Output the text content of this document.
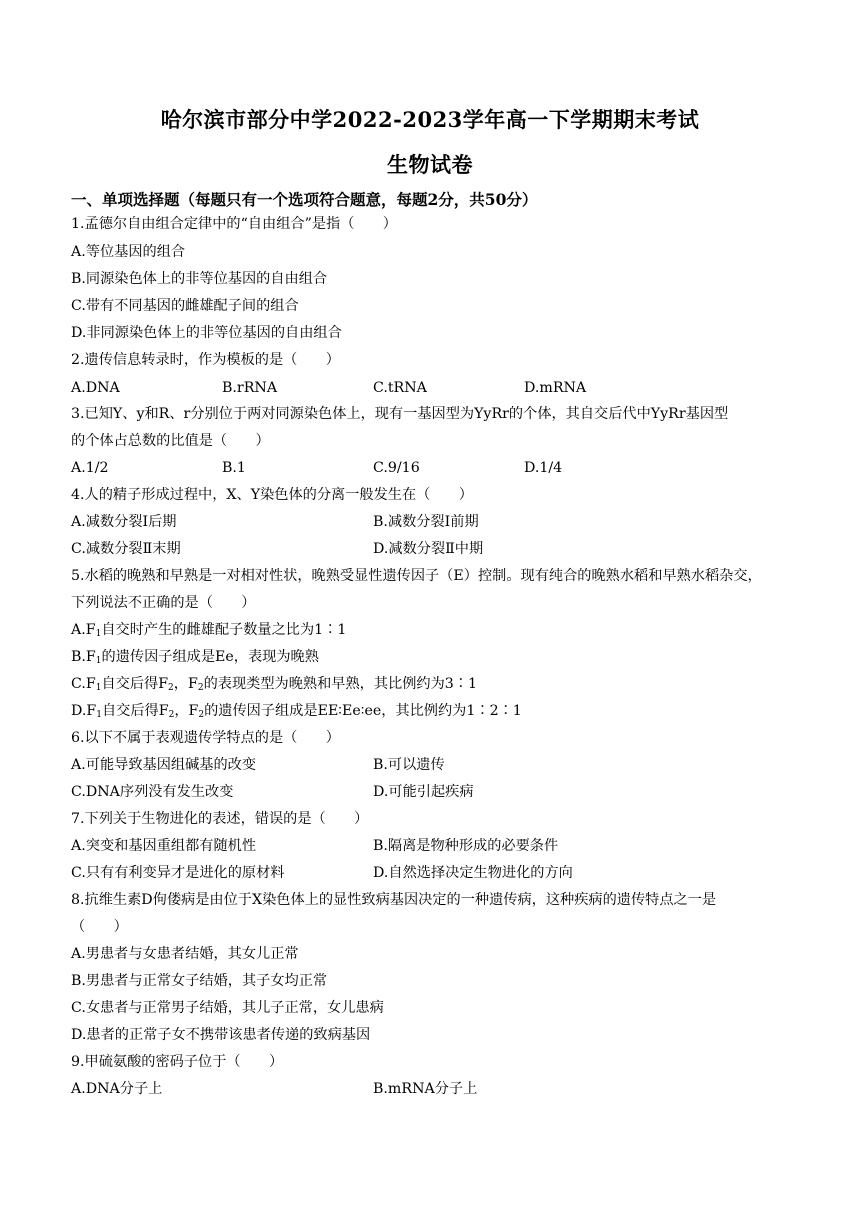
哈尔滨市部分中学2022-2023学年高一下学期期末考试
生物试卷
一、单项选择题（每题只有一个选项符合题意，每题2分，共50分）
1.孟德尔自由组合定律中的“自由组合”是指（　　）
A.等位基因的组合
B.同源染色体上的非等位基因的自由组合
C.带有不同基因的雌雄配子间的组合
D.非同源染色体上的非等位基因的自由组合
2.遗传信息转录时，作为模板的是（　　）
A.DNA	B.rRNA	C.tRNA	D.mRNA
3.已知Y、y和R、r分别位于两对同源染色体上，现有一基因型为YyRr的个体，其自交后代中YyRr基因型
的个体占总数的比值是（　　）
A.1/2	B.1	C.9/16	D.1/4
4.人的精子形成过程中，X、Y染色体的分离一般发生在（　　）
A.减数分裂Ⅰ后期	B.减数分裂Ⅰ前期
C.减数分裂Ⅱ末期	D.减数分裂Ⅱ中期
5.水稻的晚熟和早熟是一对相对性状，晚熟受显性遗传因子（E）控制。现有纯合的晚熟水稻和早熟水稻杂交，
下列说法不正确的是（　　）
$A.F_1$自交时产生的雌雄配子数量之比为1∶1
$B.F_1$的遗传因子组成是Ee，表现为晚熟
$C.F_1$自交后得$F_2$，$F_2$的表现类型为晚熟和早熟，其比例约为3∶1
$D.F_1$自交后得$F_2$，$F_2$的遗传因子组成是EE∶Ee∶ee，其比例约为1∶2∶1
6.以下不属于表观遗传学特点的是（　　）
A.可能导致基因组碱基的改变	B.可以遗传
C.DNA序列没有发生改变	D.可能引起疾病
7.下列关于生物进化的表述，错误的是（　　）
A.突变和基因重组都有随机性	B.隔离是物种形成的必要条件
C.只有有利变异才是进化的原材料	D.自然选择决定生物进化的方向
8.抗维生素D佝偻病是由位于X染色体上的显性致病基因决定的一种遗传病，这种疾病的遗传特点之一是
（　　）
A.男患者与女患者结婚，其女儿正常
B.男患者与正常女子结婚，其子女均正常
C.女患者与正常男子结婚，其儿子正常，女儿患病
D.患者的正常子女不携带该患者传递的致病基因
9.甲硫氨酸的密码子位于（　　）
A.DNA分子上	B.mRNA分子上
